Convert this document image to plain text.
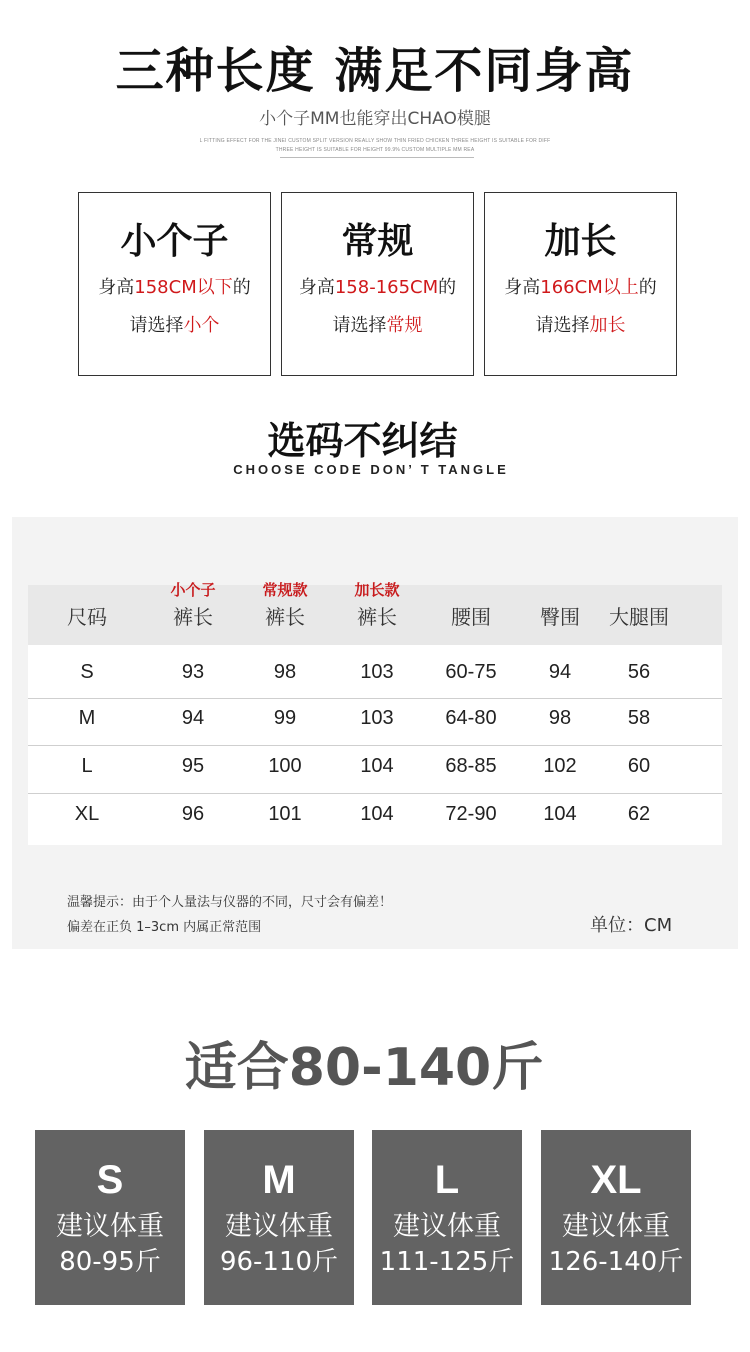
三种长度 满足不同身高
小个子MM也能穿出CHAO模腿
L FITTING EFFECT FOR THE JINEI CUSTOM SPLIT VERSION REALLY SHOW THIN FRIED CHICKEN THREE HEIGHT IS SUITABLE FOR DIFF
THREE HEIGHT IS SUITABLE FOR HEIGHT 99.9% CUSTOM MULTIPLE MM REA
小个子
身高158CM以下的
请选择小个
常规
身高158-165CM的
请选择常规
加长
身高166CM以上的
请选择加长
选码不纠结
CHOOSE CODE DON’ T TANGLE
小个子	常规款	加长款
尺码	裤长	裤长	裤长	腰围	臀围	大腿围
S	93	98	103	60-75	94	56
M	94	99	103	64-80	98	58
L	95	100	104	68-85	102	60
XL	96	101	104	72-90	104	62
温馨提示：由于个人量法与仪器的不同，尺寸会有偏差！
偏差在正负 1–3cm 内属正常范围	单位：CM
适合80-140斤
S
建议体重
80-95斤
M
建议体重
96-110斤
L
建议体重
111-125斤
XL
建议体重
126-140斤
